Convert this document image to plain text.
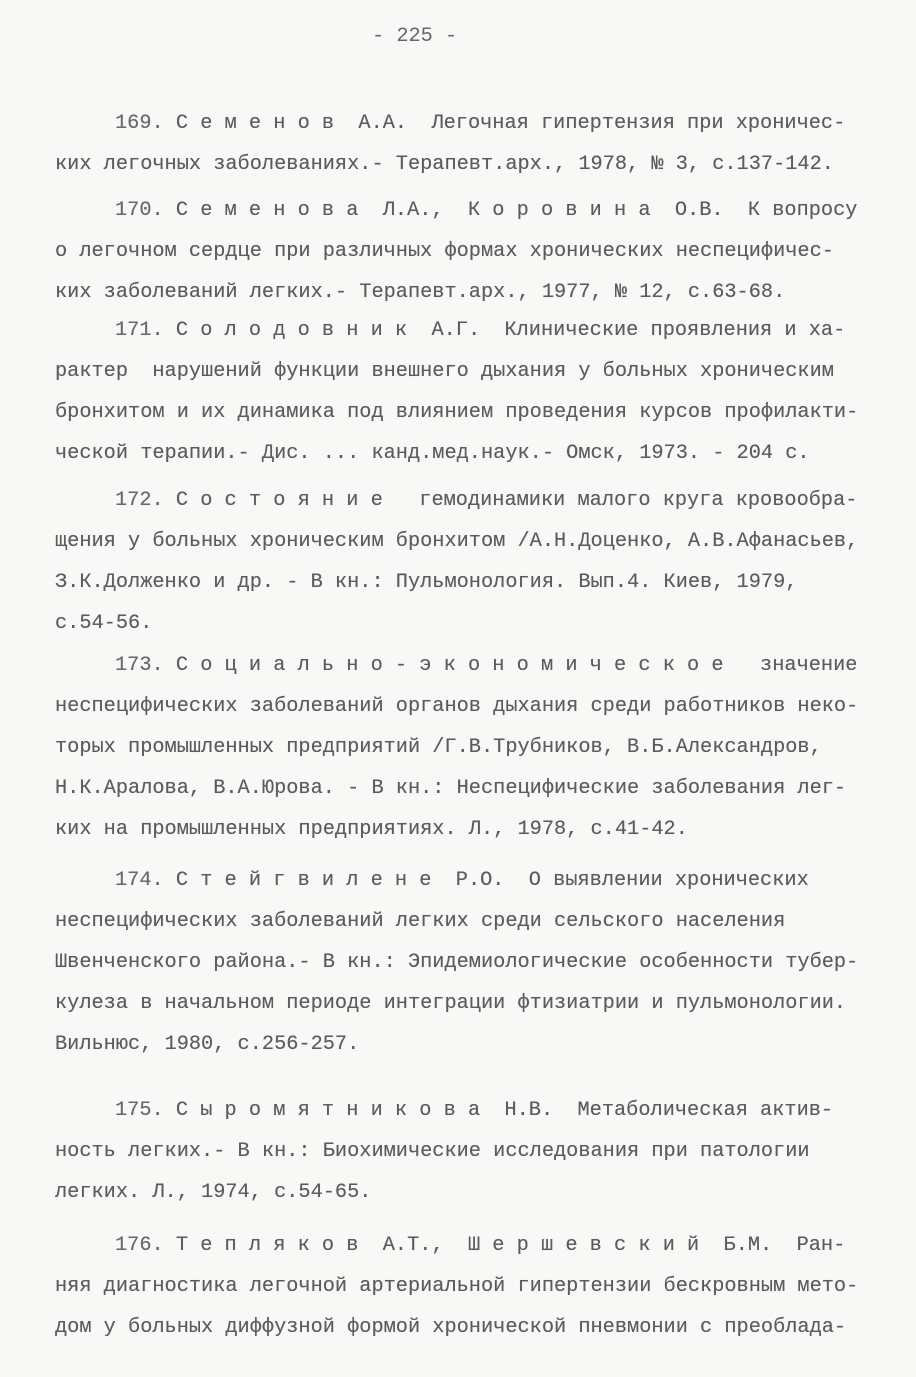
- 225 -
169. С е м е н о в  А.А.  Легочная гипертензия при хроничес-
ких легочных заболеваниях.- Терапевт.арх., 1978, № 3, с.137-142.
170. С е м е н о в а  Л.А.,  К о р о в и н а  О.В.  К вопросу
о легочном сердце при различных формах хронических неспецифичес-
ких заболеваний легких.- Терапевт.арх., 1977, № 12, с.63-68.
171. С о л о д о в н и к  А.Г.  Клинические проявления и ха-
рактер  нарушений функции внешнего дыхания у больных хроническим
бронхитом и их динамика под влиянием проведения курсов профилакти-
ческой терапии.- Дис. ... канд.мед.наук.- Омск, 1973. - 204 с.
172. С о с т о я н и е   гемодинамики малого круга кровообра-
щения у больных хроническим бронхитом /А.Н.Доценко, А.В.Афанасьев,
З.К.Долженко и др. - В кн.: Пульмонология. Вып.4. Киев, 1979,
с.54-56.
173. С о ц и а л ь н о - э к о н о м и ч е с к о е   значение
неспецифических заболеваний органов дыхания среди работников неко-
торых промышленных предприятий /Г.В.Трубников, В.Б.Александров,
Н.К.Аралова, В.А.Юрова. - В кн.: Неспецифические заболевания лег-
ких на промышленных предприятиях. Л., 1978, с.41-42.
174. С т е й г в и л е н е  Р.О.  О выявлении хронических
неспецифических заболеваний легких среди сельского населения
Швенченского района.- В кн.: Эпидемиологические особенности тубер-
кулеза в начальном периоде интеграции фтизиатрии и пульмонологии.
Вильнюс, 1980, с.256-257.
175. С ы р о м я т н и к о в а  Н.В.  Метаболическая актив-
ность легких.- В кн.: Биохимические исследования при патологии
легких. Л., 1974, с.54-65.
176. Т е п л я к о в  А.Т.,  Ш е р ш е в с к и й  Б.М.  Ран-
няя диагностика легочной артериальной гипертензии бескровным мето-
дом у больных диффузной формой хронической пневмонии с преоблада-
